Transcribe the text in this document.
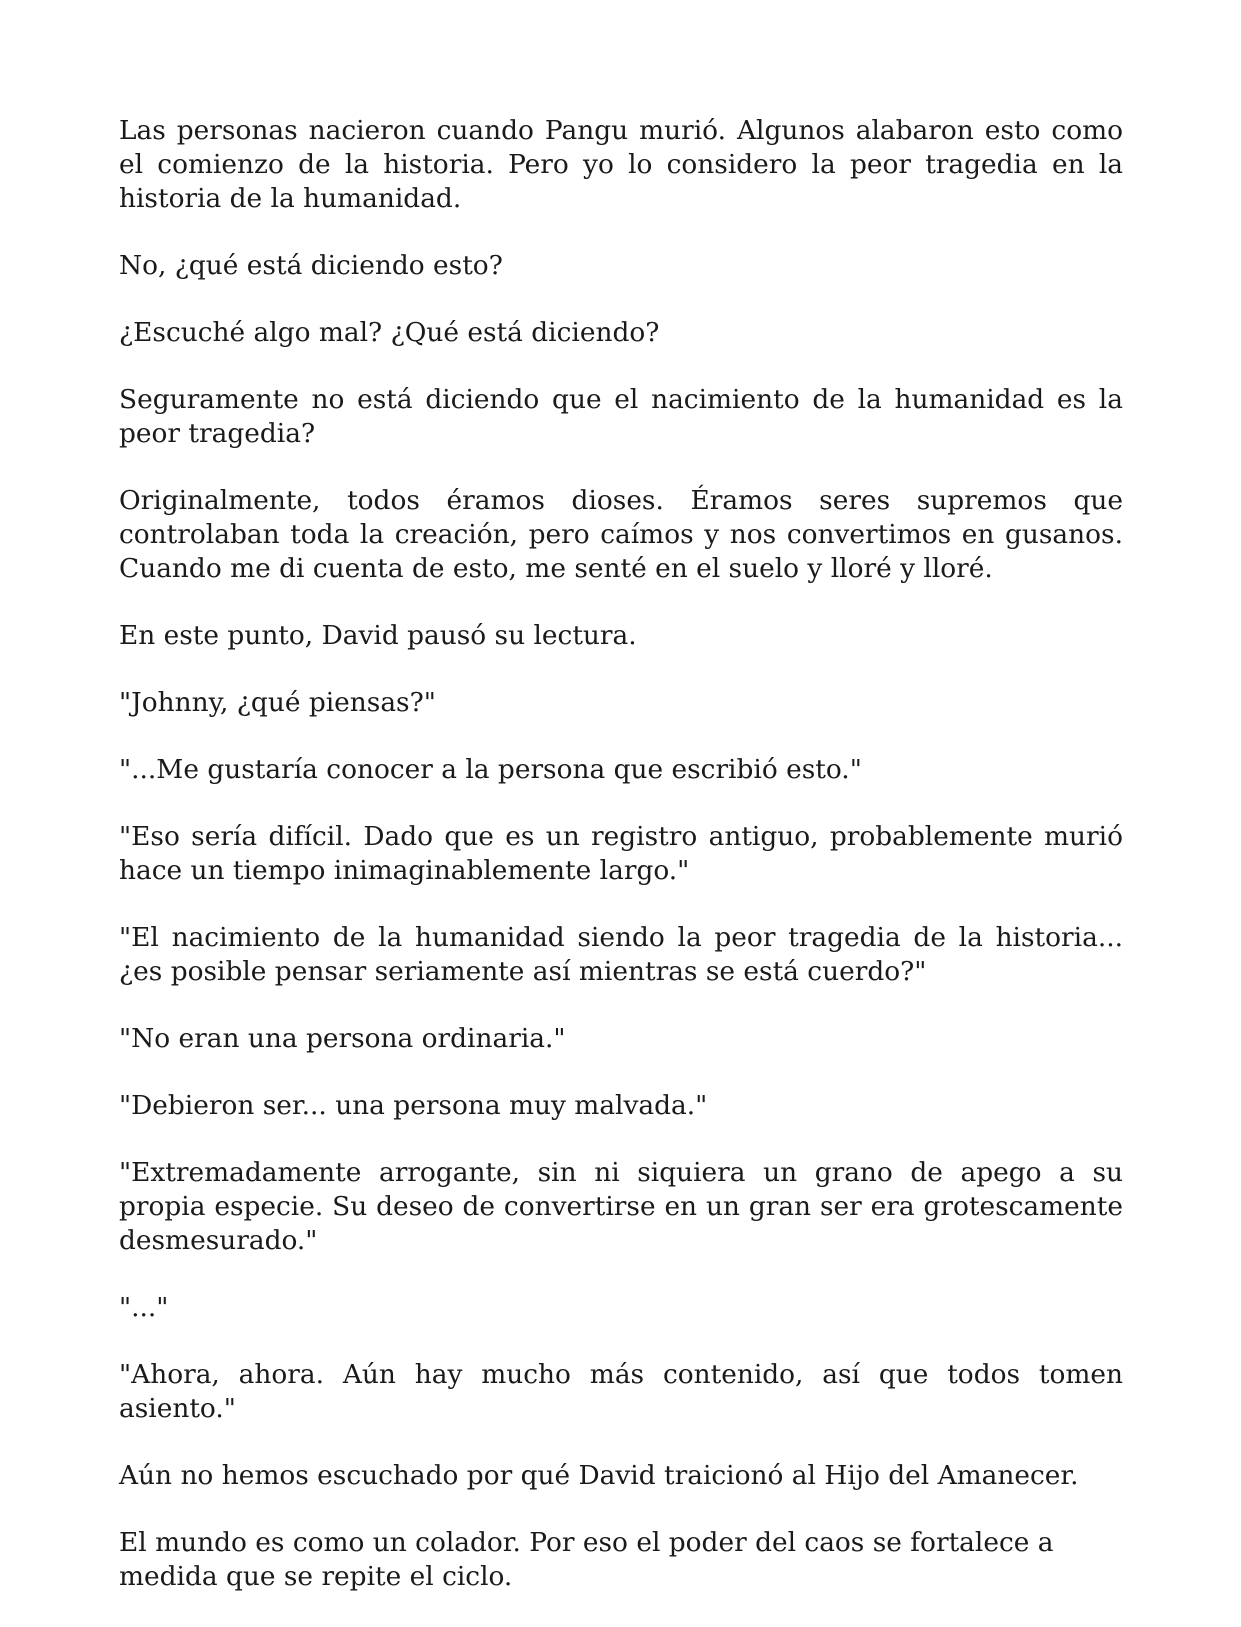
Las personas nacieron cuando Pangu murió. Algunos alabaron esto como el comienzo de la historia. Pero yo lo considero la peor tragedia en la historia de la humanidad.

No, ¿qué está diciendo esto?

¿Escuché algo mal? ¿Qué está diciendo?

Seguramente no está diciendo que el nacimiento de la humanidad es la peor tragedia?

Originalmente, todos éramos dioses. Éramos seres supremos que controlaban toda la creación, pero caímos y nos convertimos en gusanos. Cuando me di cuenta de esto, me senté en el suelo y lloré y lloré.

En este punto, David pausó su lectura.

"Johnny, ¿qué piensas?"

"...Me gustaría conocer a la persona que escribió esto."

"Eso sería difícil. Dado que es un registro antiguo, probablemente murió hace un tiempo inimaginablemente largo."

"El nacimiento de la humanidad siendo la peor tragedia de la historia... ¿es posible pensar seriamente así mientras se está cuerdo?"

"No eran una persona ordinaria."

"Debieron ser... una persona muy malvada."

"Extremadamente arrogante, sin ni siquiera un grano de apego a su propia especie. Su deseo de convertirse en un gran ser era grotescamente desmesurado."

"..."

"Ahora, ahora. Aún hay mucho más contenido, así que todos tomen asiento."

Aún no hemos escuchado por qué David traicionó al Hijo del Amanecer.

El mundo es como un colador. Por eso el poder del caos se fortalece a medida que se repite el ciclo.
